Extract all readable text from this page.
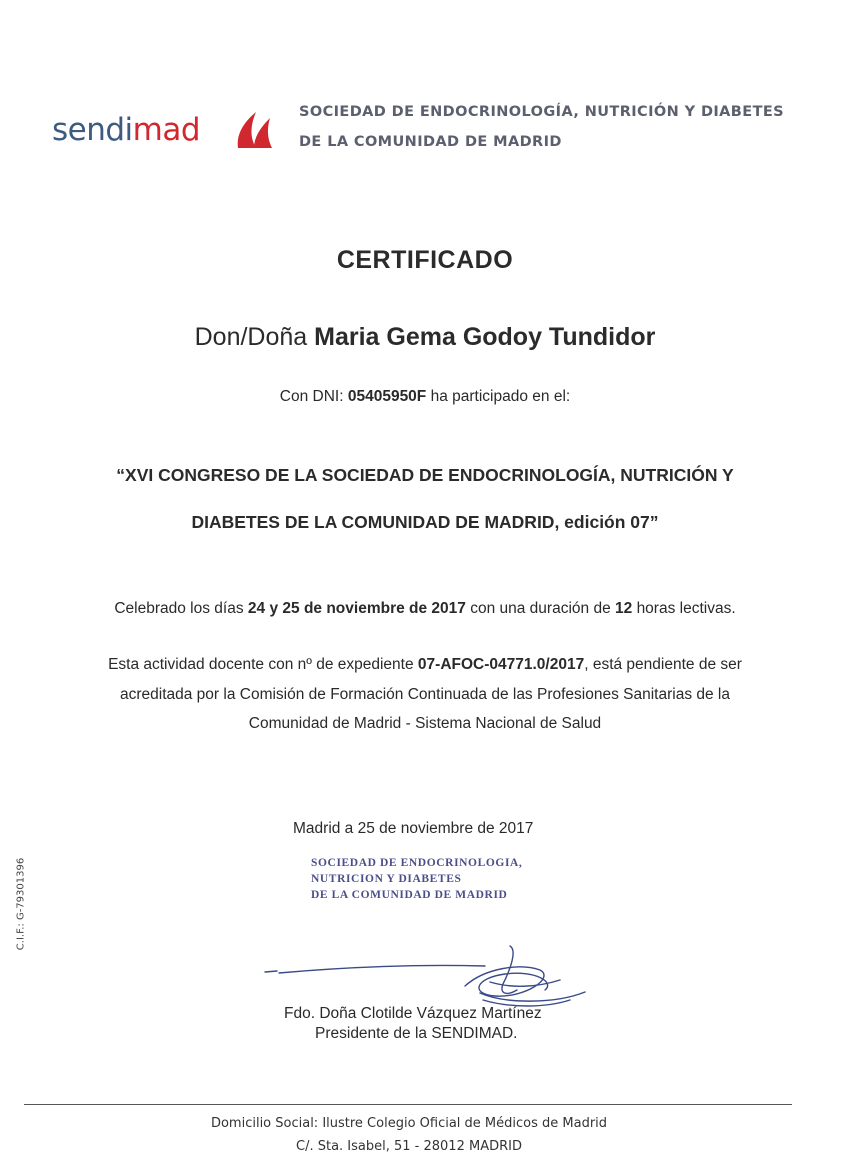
sendimad	SOCIEDAD DE ENDOCRINOLOGÍA, NUTRICIÓN Y DIABETES
DE LA COMUNIDAD DE MADRID
CERTIFICADO
Don/Doña Maria Gema Godoy Tundidor
Con DNI: 05405950F ha participado en el:
“XVI CONGRESO DE LA SOCIEDAD DE ENDOCRINOLOGÍA, NUTRICIÓN Y
DIABETES DE LA COMUNIDAD DE MADRID, edición 07”
Celebrado los días 24 y 25 de noviembre de 2017 con una duración de 12 horas lectivas.
Esta actividad docente con nº de expediente 07-AFOC-04771.0/2017, está pendiente de ser
acreditada por la Comisión de Formación Continuada de las Profesiones Sanitarias de la
Comunidad de Madrid - Sistema Nacional de Salud
Madrid a 25 de noviembre de 2017
SOCIEDAD DE ENDOCRINOLOGIA,
NUTRICION Y DIABETES
DE LA COMUNIDAD DE MADRID
Fdo. Doña Clotilde Vázquez Martínez
Presidente de la SENDIMAD.
C.I.F.: G-79301396
Domicilio Social: Ilustre Colegio Oficial de Médicos de Madrid
C/. Sta. Isabel, 51 - 28012 MADRID
